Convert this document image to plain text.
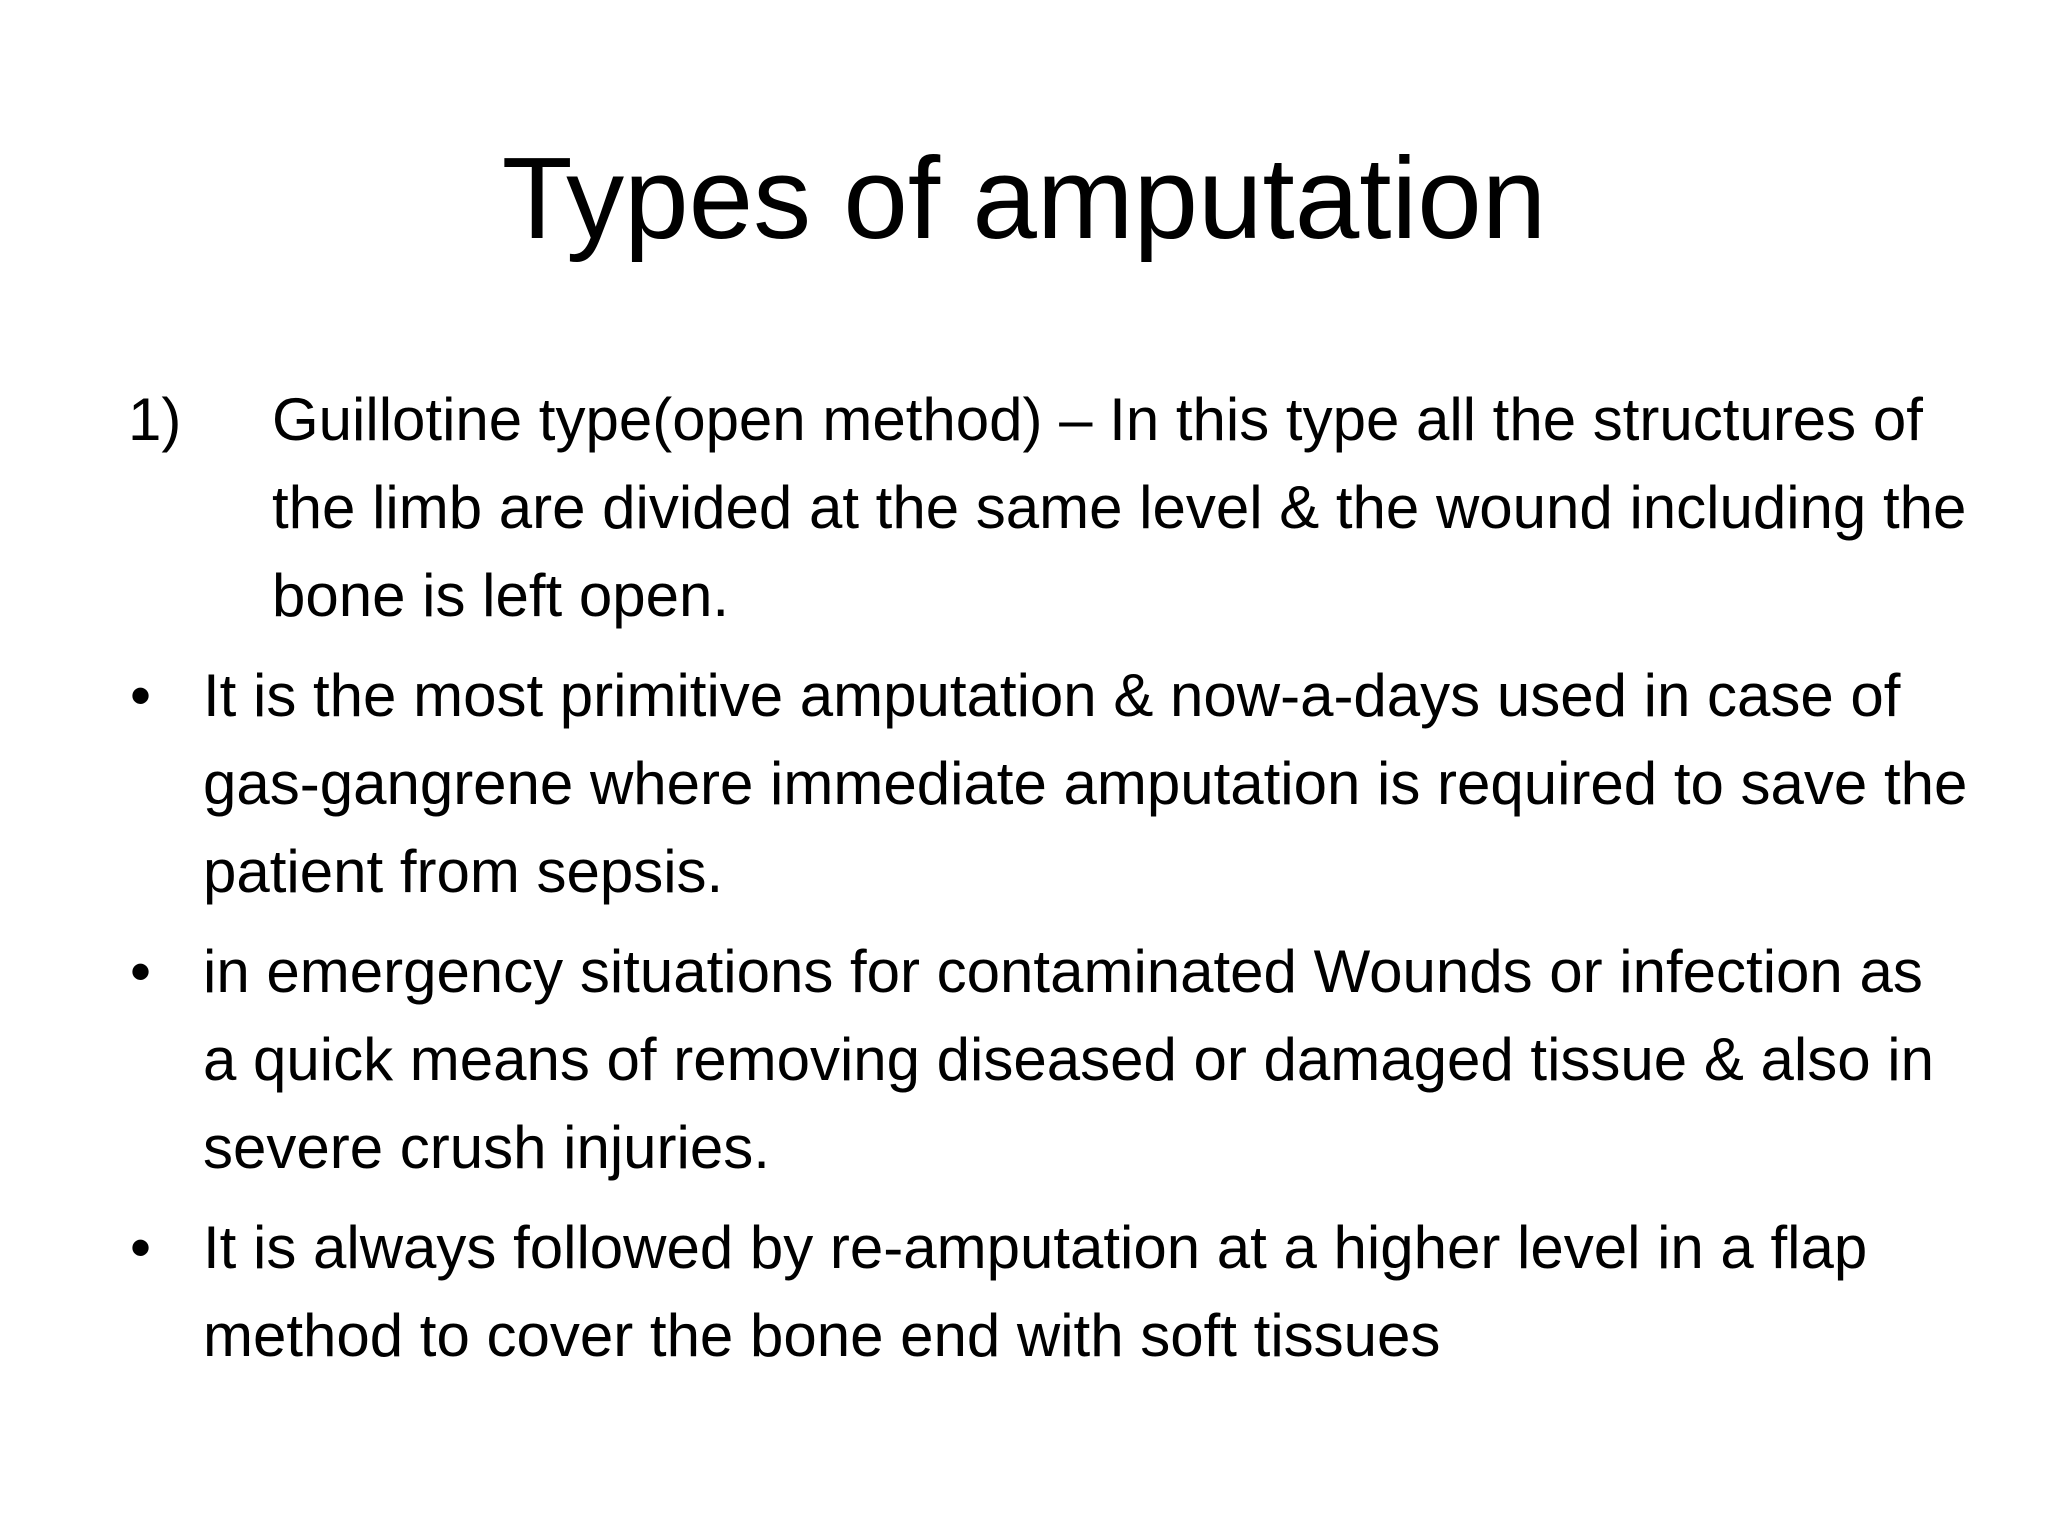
Types of amputation
1) Guillotine type(open method) – In this type all the structures of the limb are divided at the same level & the wound including the bone is left open.
• It is the most primitive amputation & now-a-days used in case of gas-gangrene where immediate amputation is required to save the patient from sepsis.
• in emergency situations for contaminated Wounds or infection as a quick means of removing diseased or damaged tissue & also in severe crush injuries.
• It is always followed by re-amputation at a higher level in a flap method to cover the bone end with soft tissues
